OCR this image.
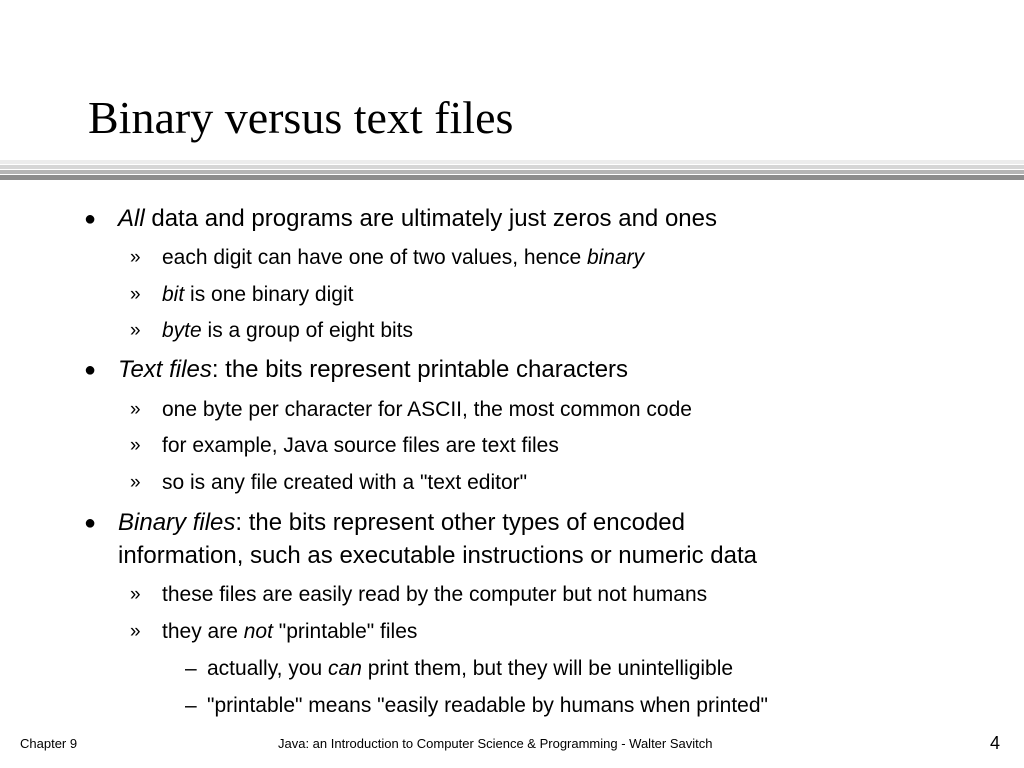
Binary versus text files
● All data and programs are ultimately just zeros and ones
» each digit can have one of two values, hence binary
» bit is one binary digit
» byte is a group of eight bits
● Text files: the bits represent printable characters
» one byte per character for ASCII, the most common code
» for example, Java source files are text files
» so is any file created with a "text editor"
● Binary files: the bits represent other types of encoded
information, such as executable instructions or numeric data
» these files are easily read by the computer but not humans
» they are not "printable" files
– actually, you can print them, but they will be unintelligible
– "printable" means "easily readable by humans when printed"
Chapter 9	Java: an Introduction to Computer Science & Programming - Walter Savitch	4
